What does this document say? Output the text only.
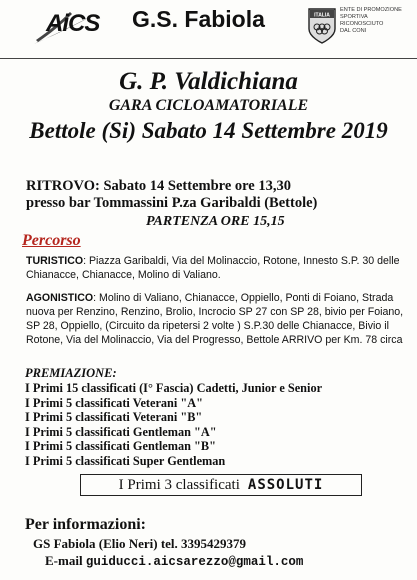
AiCS G.S. Fabiola	ITALIA
ENTE DI PROMOZIONE
SPORTIVA
RICONOSCIUTO
DAL CONI
G. P. Valdichiana
GARA CICLOAMATORIALE
Bettole (Si) Sabato 14 Settembre 2019
RITROVO: Sabato 14 Settembre ore 13,30
presso bar Tommassini P.za Garibaldi (Bettole)
PARTENZA ORE 15,15
Percorso
TURISTICO: Piazza Garibaldi, Via del Molinaccio, Rotone, Innesto S.P. 30 delle Chianacce, Chianacce, Molino di Valiano.
AGONISTICO: Molino di Valiano, Chianacce, Oppiello, Ponti di Foiano, Strada nuova per Renzino, Renzino, Brolio, Incrocio SP 27 con SP 28, bivio per Foiano, SP 28, Oppiello, (Circuito da ripetersi 2 volte ) S.P.30 delle Chianacce, Bivio il Rotone, Via del Molinaccio, Via del Progresso, Bettole ARRIVO per Km. 78 circa
PREMIAZIONE:
I Primi 15 classificati (I° Fascia) Cadetti, Junior e Senior
I Primi 5 classificati Veterani "A"
I Primi 5 classificati Veterani "B"
I Primi 5 classificati Gentleman "A"
I Primi 5 classificati Gentleman "B"
I Primi 5 classificati Super Gentleman
I Primi 3 classificati ASSOLUTI
Per informazioni:
GS Fabiola (Elio Neri) tel. 3395429379
E-mail guiducci.aicsarezzo@gmail.com
